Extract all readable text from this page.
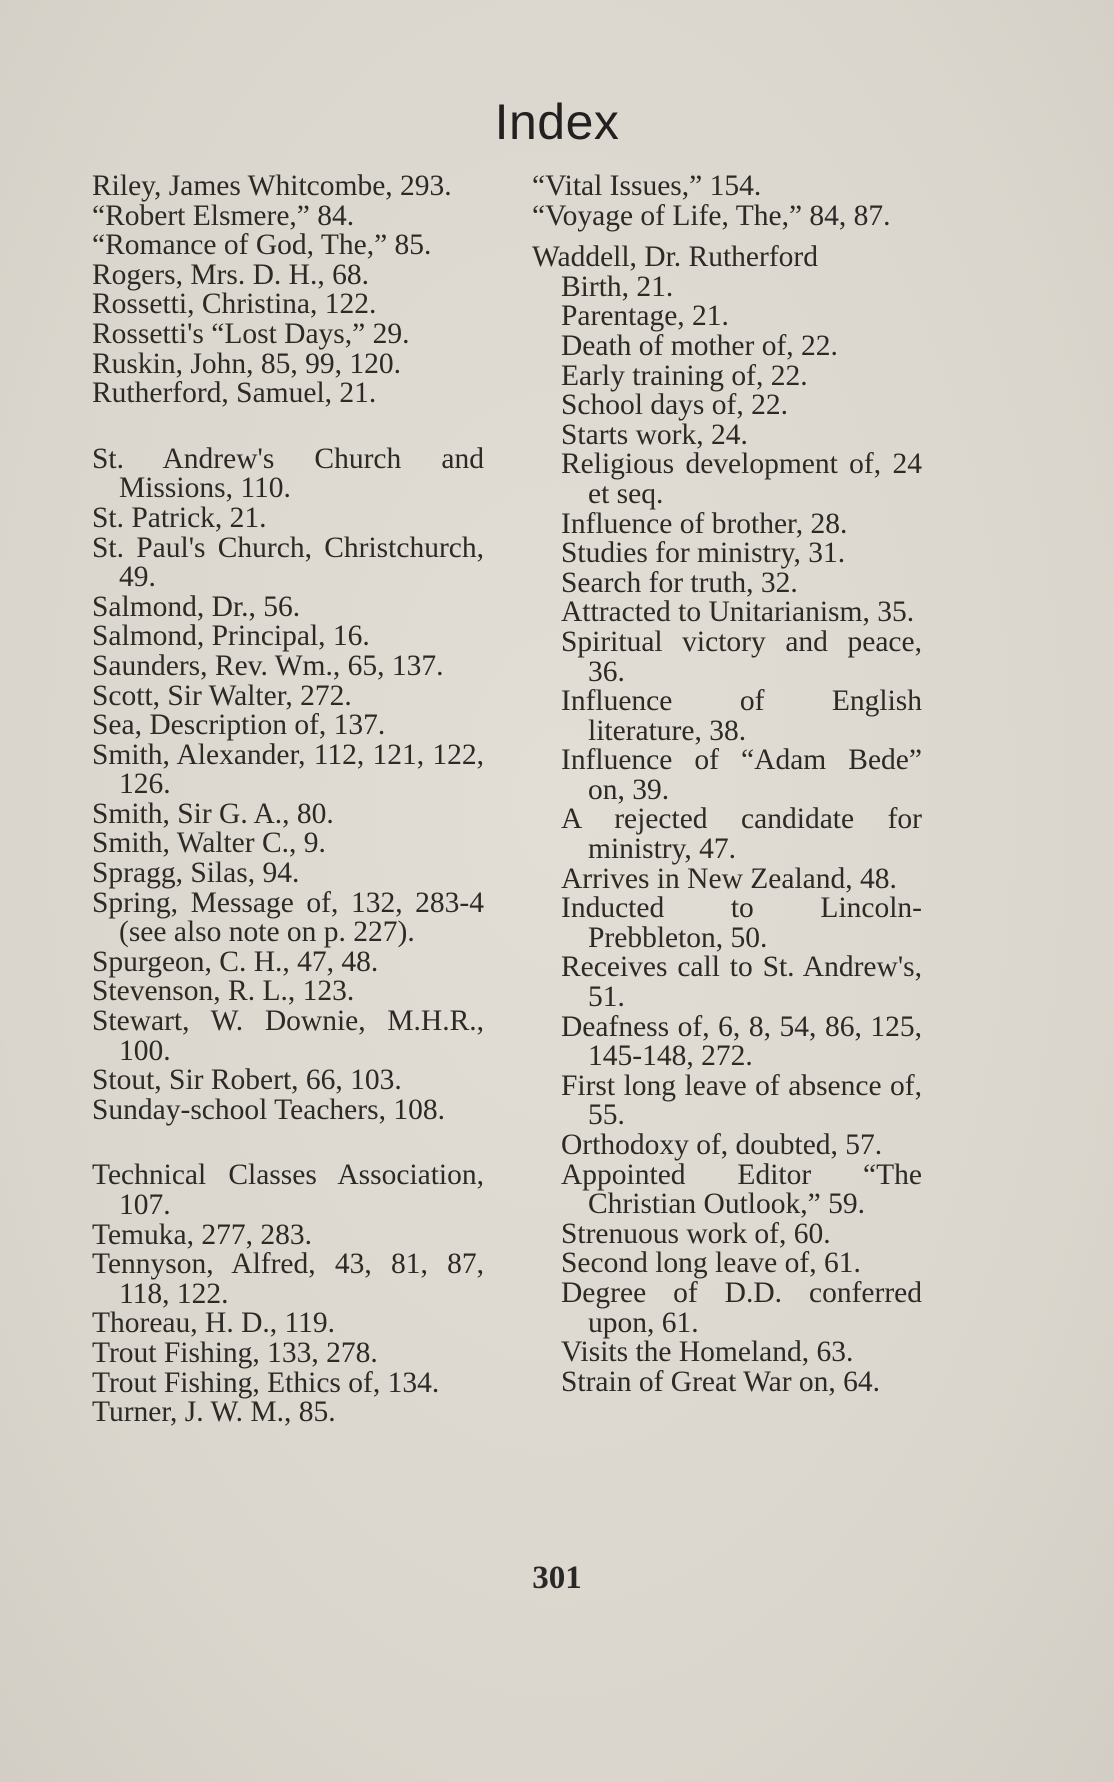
Index
Riley, James Whitcombe, 293.
“Robert Elsmere,” 84.
“Romance of God, The,” 85.
Rogers, Mrs. D. H., 68.
Rossetti, Christina, 122.
Rossetti's “Lost Days,” 29.
Ruskin, John, 85, 99, 120.
Rutherford, Samuel, 21.
St. Andrew's Church and Missions, 110.
St. Patrick, 21.
St. Paul's Church, Christchurch, 49.
Salmond, Dr., 56.
Salmond, Principal, 16.
Saunders, Rev. Wm., 65, 137.
Scott, Sir Walter, 272.
Sea, Description of, 137.
Smith, Alexander, 112, 121, 122, 126.
Smith, Sir G. A., 80.
Smith, Walter C., 9.
Spragg, Silas, 94.
Spring, Message of, 132, 283-4 (see also note on p. 227).
Spurgeon, C. H., 47, 48.
Stevenson, R. L., 123.
Stewart, W. Downie, M.H.R., 100.
Stout, Sir Robert, 66, 103.
Sunday-school Teachers, 108.
Technical Classes Association, 107.
Temuka, 277, 283.
Tennyson, Alfred, 43, 81, 87, 118, 122.
Thoreau, H. D., 119.
Trout Fishing, 133, 278.
Trout Fishing, Ethics of, 134.
Turner, J. W. M., 85.
“Vital Issues,” 154.
“Voyage of Life, The,” 84, 87.
Waddell, Dr. Rutherford
Birth, 21.
Parentage, 21.
Death of mother of, 22.
Early training of, 22.
School days of, 22.
Starts work, 24.
Religious development of, 24 et seq.
Influence of brother, 28.
Studies for ministry, 31.
Search for truth, 32.
Attracted to Unitarianism, 35.
Spiritual victory and peace, 36.
Influence of English literature, 38.
Influence of “Adam Bede” on, 39.
A rejected candidate for ministry, 47.
Arrives in New Zealand, 48.
Inducted to Lincoln-Prebbleton, 50.
Receives call to St. Andrew's, 51.
Deafness of, 6, 8, 54, 86, 125, 145-148, 272.
First long leave of absence of, 55.
Orthodoxy of, doubted, 57.
Appointed Editor “The Christian Outlook,” 59.
Strenuous work of, 60.
Second long leave of, 61.
Degree of D.D. conferred upon, 61.
Visits the Homeland, 63.
Strain of Great War on, 64.
301
